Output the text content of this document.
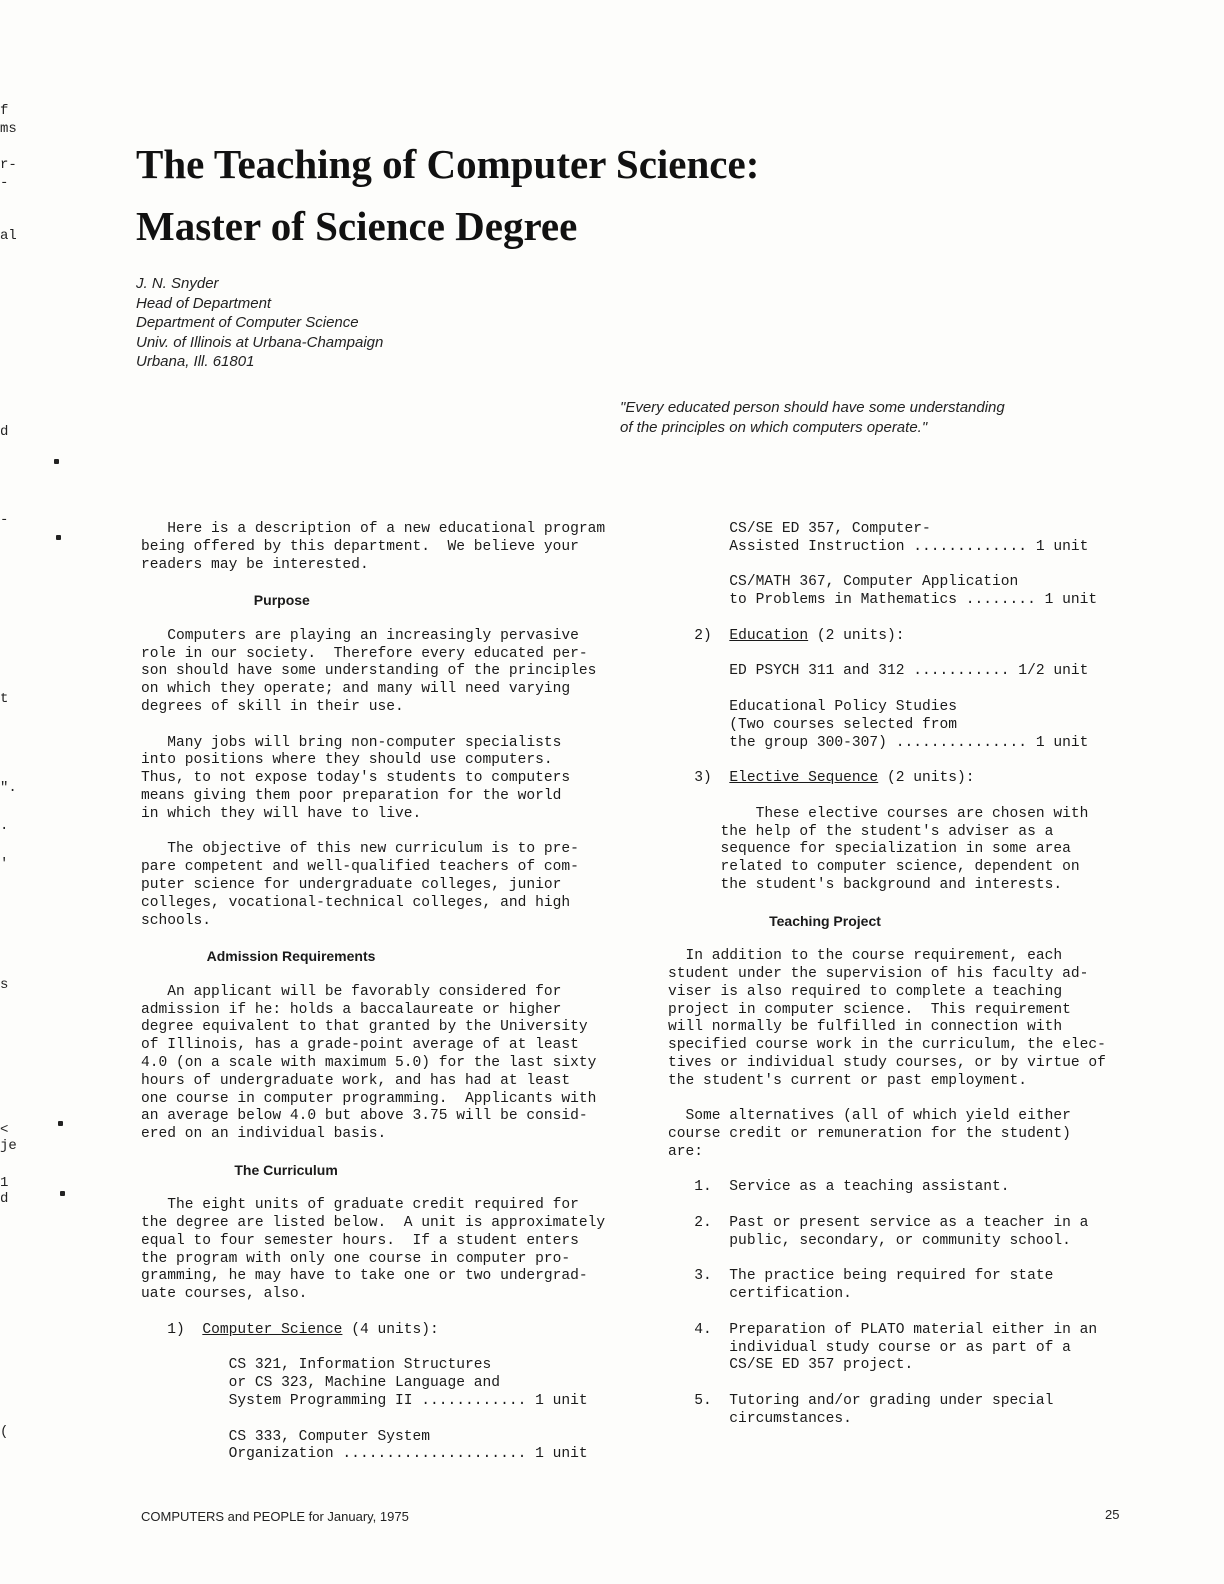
f
ms
r-
-
al
d
-
t
".
.
'
s
<
je
1
d
(
The Teaching of Computer Science:
Master of Science Degree
J. N. Snyder
Head of Department
Department of Computer Science
Univ. of Illinois at Urbana-Champaign
Urbana, Ill. 61801
"Every educated person should have some understanding
of the principles on which computers operate."

Here is a description of a new educational program
being offered by this department.  We believe your
readers may be interested.

Purpose

Computers are playing an increasingly pervasive
role in our society.  Therefore every educated per-
son should have some understanding of the principles
on which they operate; and many will need varying
degrees of skill in their use.

Many jobs will bring non-computer specialists
into positions where they should use computers.
Thus, to not expose today's students to computers
means giving them poor preparation for the world
in which they will have to live.

The objective of this new curriculum is to pre-
pare competent and well-qualified teachers of com-
puter science for undergraduate colleges, junior
colleges, vocational-technical colleges, and high
schools.

Admission Requirements

An applicant will be favorably considered for
admission if he: holds a baccalaureate or higher
degree equivalent to that granted by the University
of Illinois, has a grade-point average of at least
4.0 (on a scale with maximum 5.0) for the last sixty
hours of undergraduate work, and has had at least
one course in computer programming.  Applicants with
an average below 4.0 but above 3.75 will be consid-
ered on an individual basis.

The Curriculum

The eight units of graduate credit required for
the degree are listed below.  A unit is approximately
equal to four semester hours.  If a student enters
the program with only one course in computer pro-
gramming, he may have to take one or two undergrad-
uate courses, also.

1)  Computer Science (4 units):

CS 321, Information Structures
or CS 323, Machine Language and
System Programming II ............ 1 unit

CS 333, Computer System
Organization ..................... 1 unit

CS/SE ED 357, Computer-
Assisted Instruction ............. 1 unit

CS/MATH 367, Computer Application
to Problems in Mathematics ........ 1 unit

2)  Education (2 units):

ED PSYCH 311 and 312 ........... 1/2 unit

Educational Policy Studies
(Two courses selected from
the group 300-307) ............... 1 unit

3)  Elective Sequence (2 units):

These elective courses are chosen with
the help of the student's adviser as a
sequence for specialization in some area
related to computer science, dependent on
the student's background and interests.

Teaching Project

In addition to the course requirement, each
student under the supervision of his faculty ad-
viser is also required to complete a teaching
project in computer science.  This requirement
will normally be fulfilled in connection with
specified course work in the curriculum, the elec-
tives or individual study courses, or by virtue of
the student's current or past employment.

Some alternatives (all of which yield either
course credit or remuneration for the student)
are:

1.  Service as a teaching assistant.

2.  Past or present service as a teacher in a
public, secondary, or community school.

3.  The practice being required for state
certification.

4.  Preparation of PLATO material either in an
individual study course or as part of a
CS/SE ED 357 project.

5.  Tutoring and/or grading under special
circumstances.

COMPUTERS and PEOPLE for January, 1975	25
